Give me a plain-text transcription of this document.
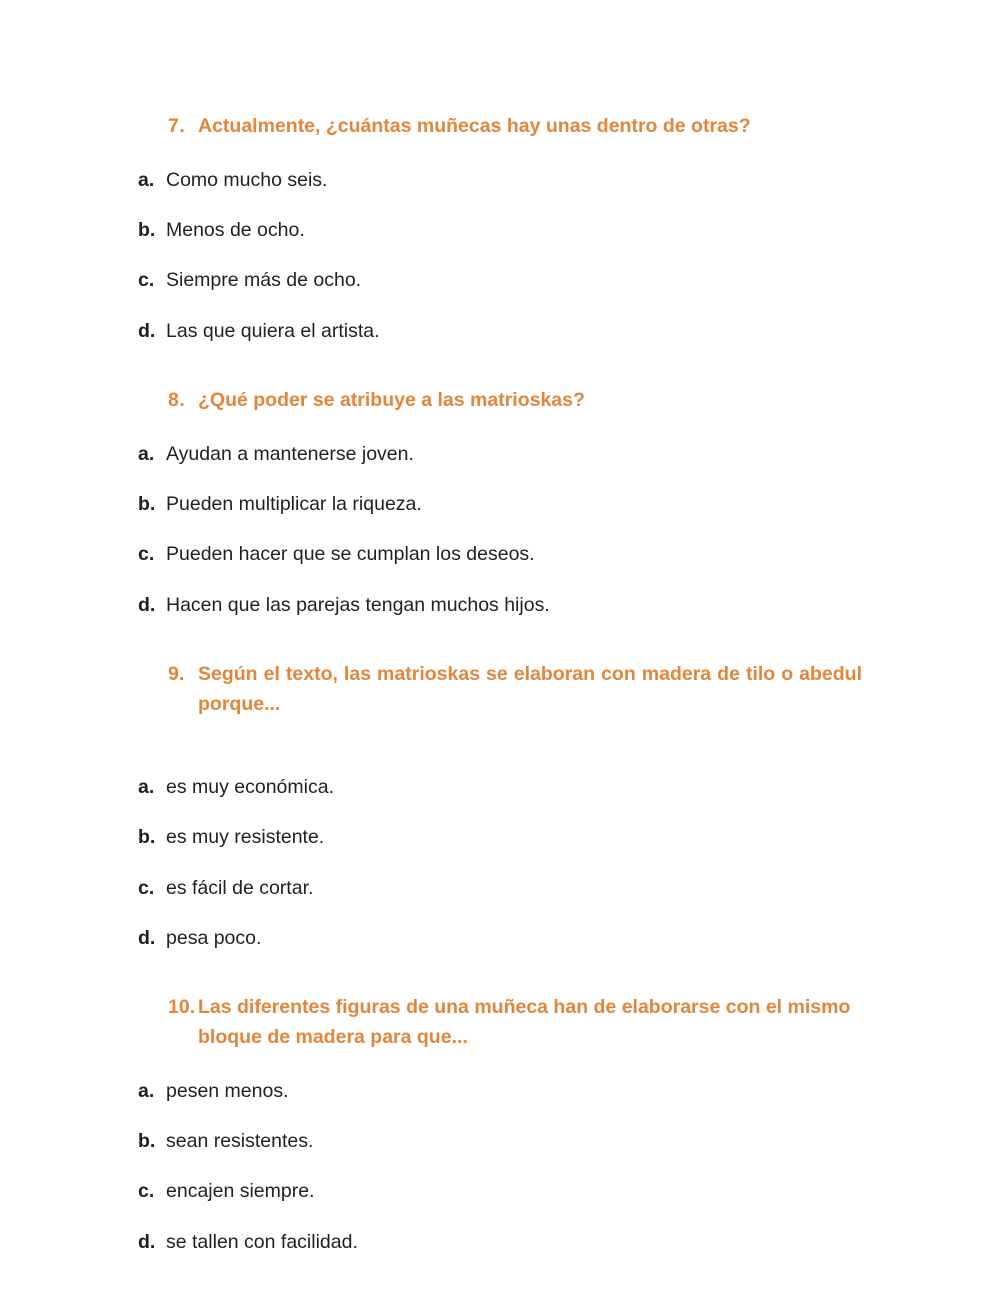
7. Actualmente, ¿cuántas muñecas hay unas dentro de otras?

a. Como mucho seis.
b. Menos de ocho.
c. Siempre más de ocho.
d. Las que quiera el artista.

8. ¿Qué poder se atribuye a las matrioskas?

a. Ayudan a mantenerse joven.
b. Pueden multiplicar la riqueza.
c. Pueden hacer que se cumplan los deseos.
d. Hacen que las parejas tengan muchos hijos.

9. Según el texto, las matrioskas se elaboran con madera de tilo o abedul porque...

a. es muy económica.
b. es muy resistente.
c. es fácil de cortar.
d. pesa poco.

10. Las diferentes figuras de una muñeca han de elaborarse con el mismo bloque de madera para que...

a. pesen menos.
b. sean resistentes.
c. encajen siempre.
d. se tallen con facilidad.
